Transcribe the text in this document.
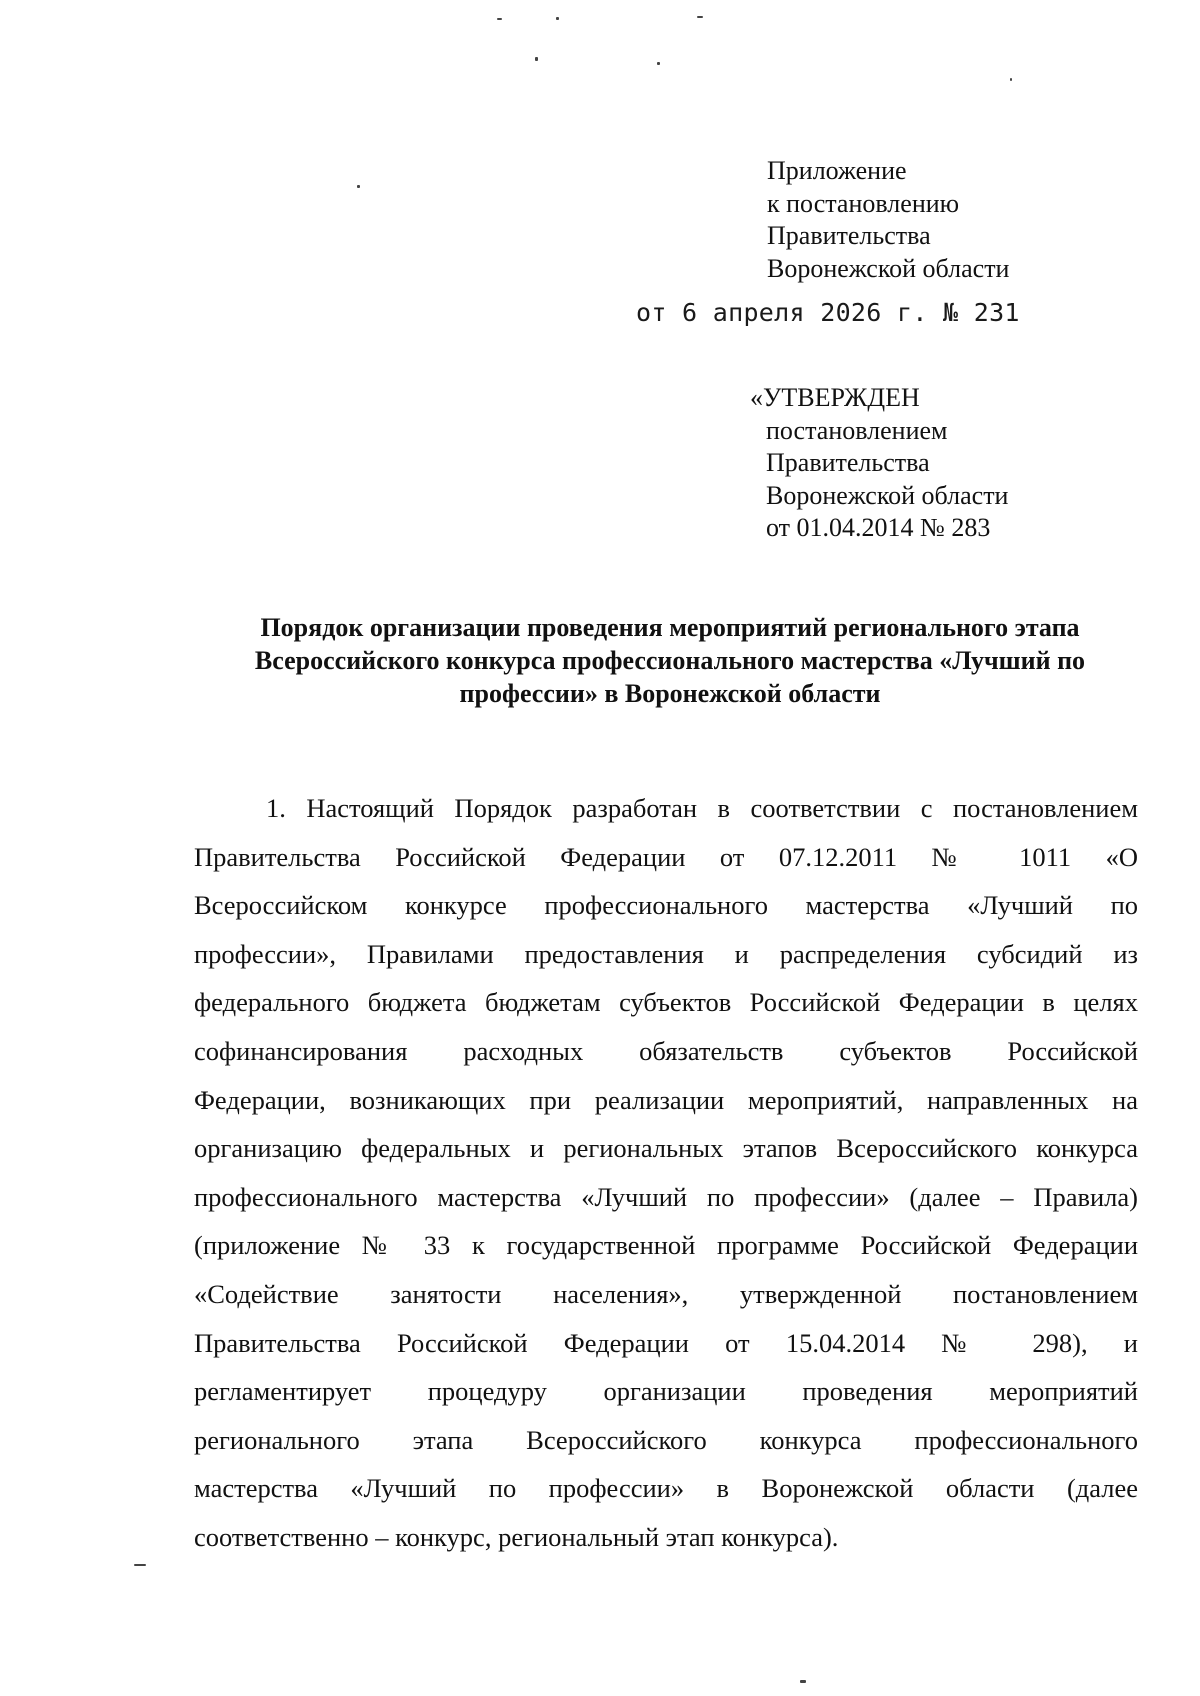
Приложение
к постановлению
Правительства
Воронежской области
от 6 апреля 2026 г. № 231
«УТВЕРЖДЕН
постановлением
Правительства
Воронежской области
от 01.04.2014 № 283
Порядок организации проведения мероприятий регионального этапа
Всероссийского конкурса профессионального мастерства «Лучший по
профессии» в Воронежской области
1. Настоящий Порядок разработан в соответствии с постановлением
Правительства Российской Федерации от 07.12.2011 № 1011 «О
Всероссийском конкурсе профессионального мастерства «Лучший по
профессии», Правилами предоставления и распределения субсидий из
федерального бюджета бюджетам субъектов Российской Федерации в целях
софинансирования расходных обязательств субъектов Российской
Федерации, возникающих при реализации мероприятий, направленных на
организацию федеральных и региональных этапов Всероссийского конкурса
профессионального мастерства «Лучший по профессии» (далее – Правила)
(приложение № 33 к государственной программе Российской Федерации
«Содействие занятости населения», утвержденной постановлением
Правительства Российской Федерации от 15.04.2014 № 298), и
регламентирует процедуру организации проведения мероприятий
регионального этапа Всероссийского конкурса профессионального
мастерства «Лучший по профессии» в Воронежской области (далее
соответственно – конкурс, региональный этап конкурса).
